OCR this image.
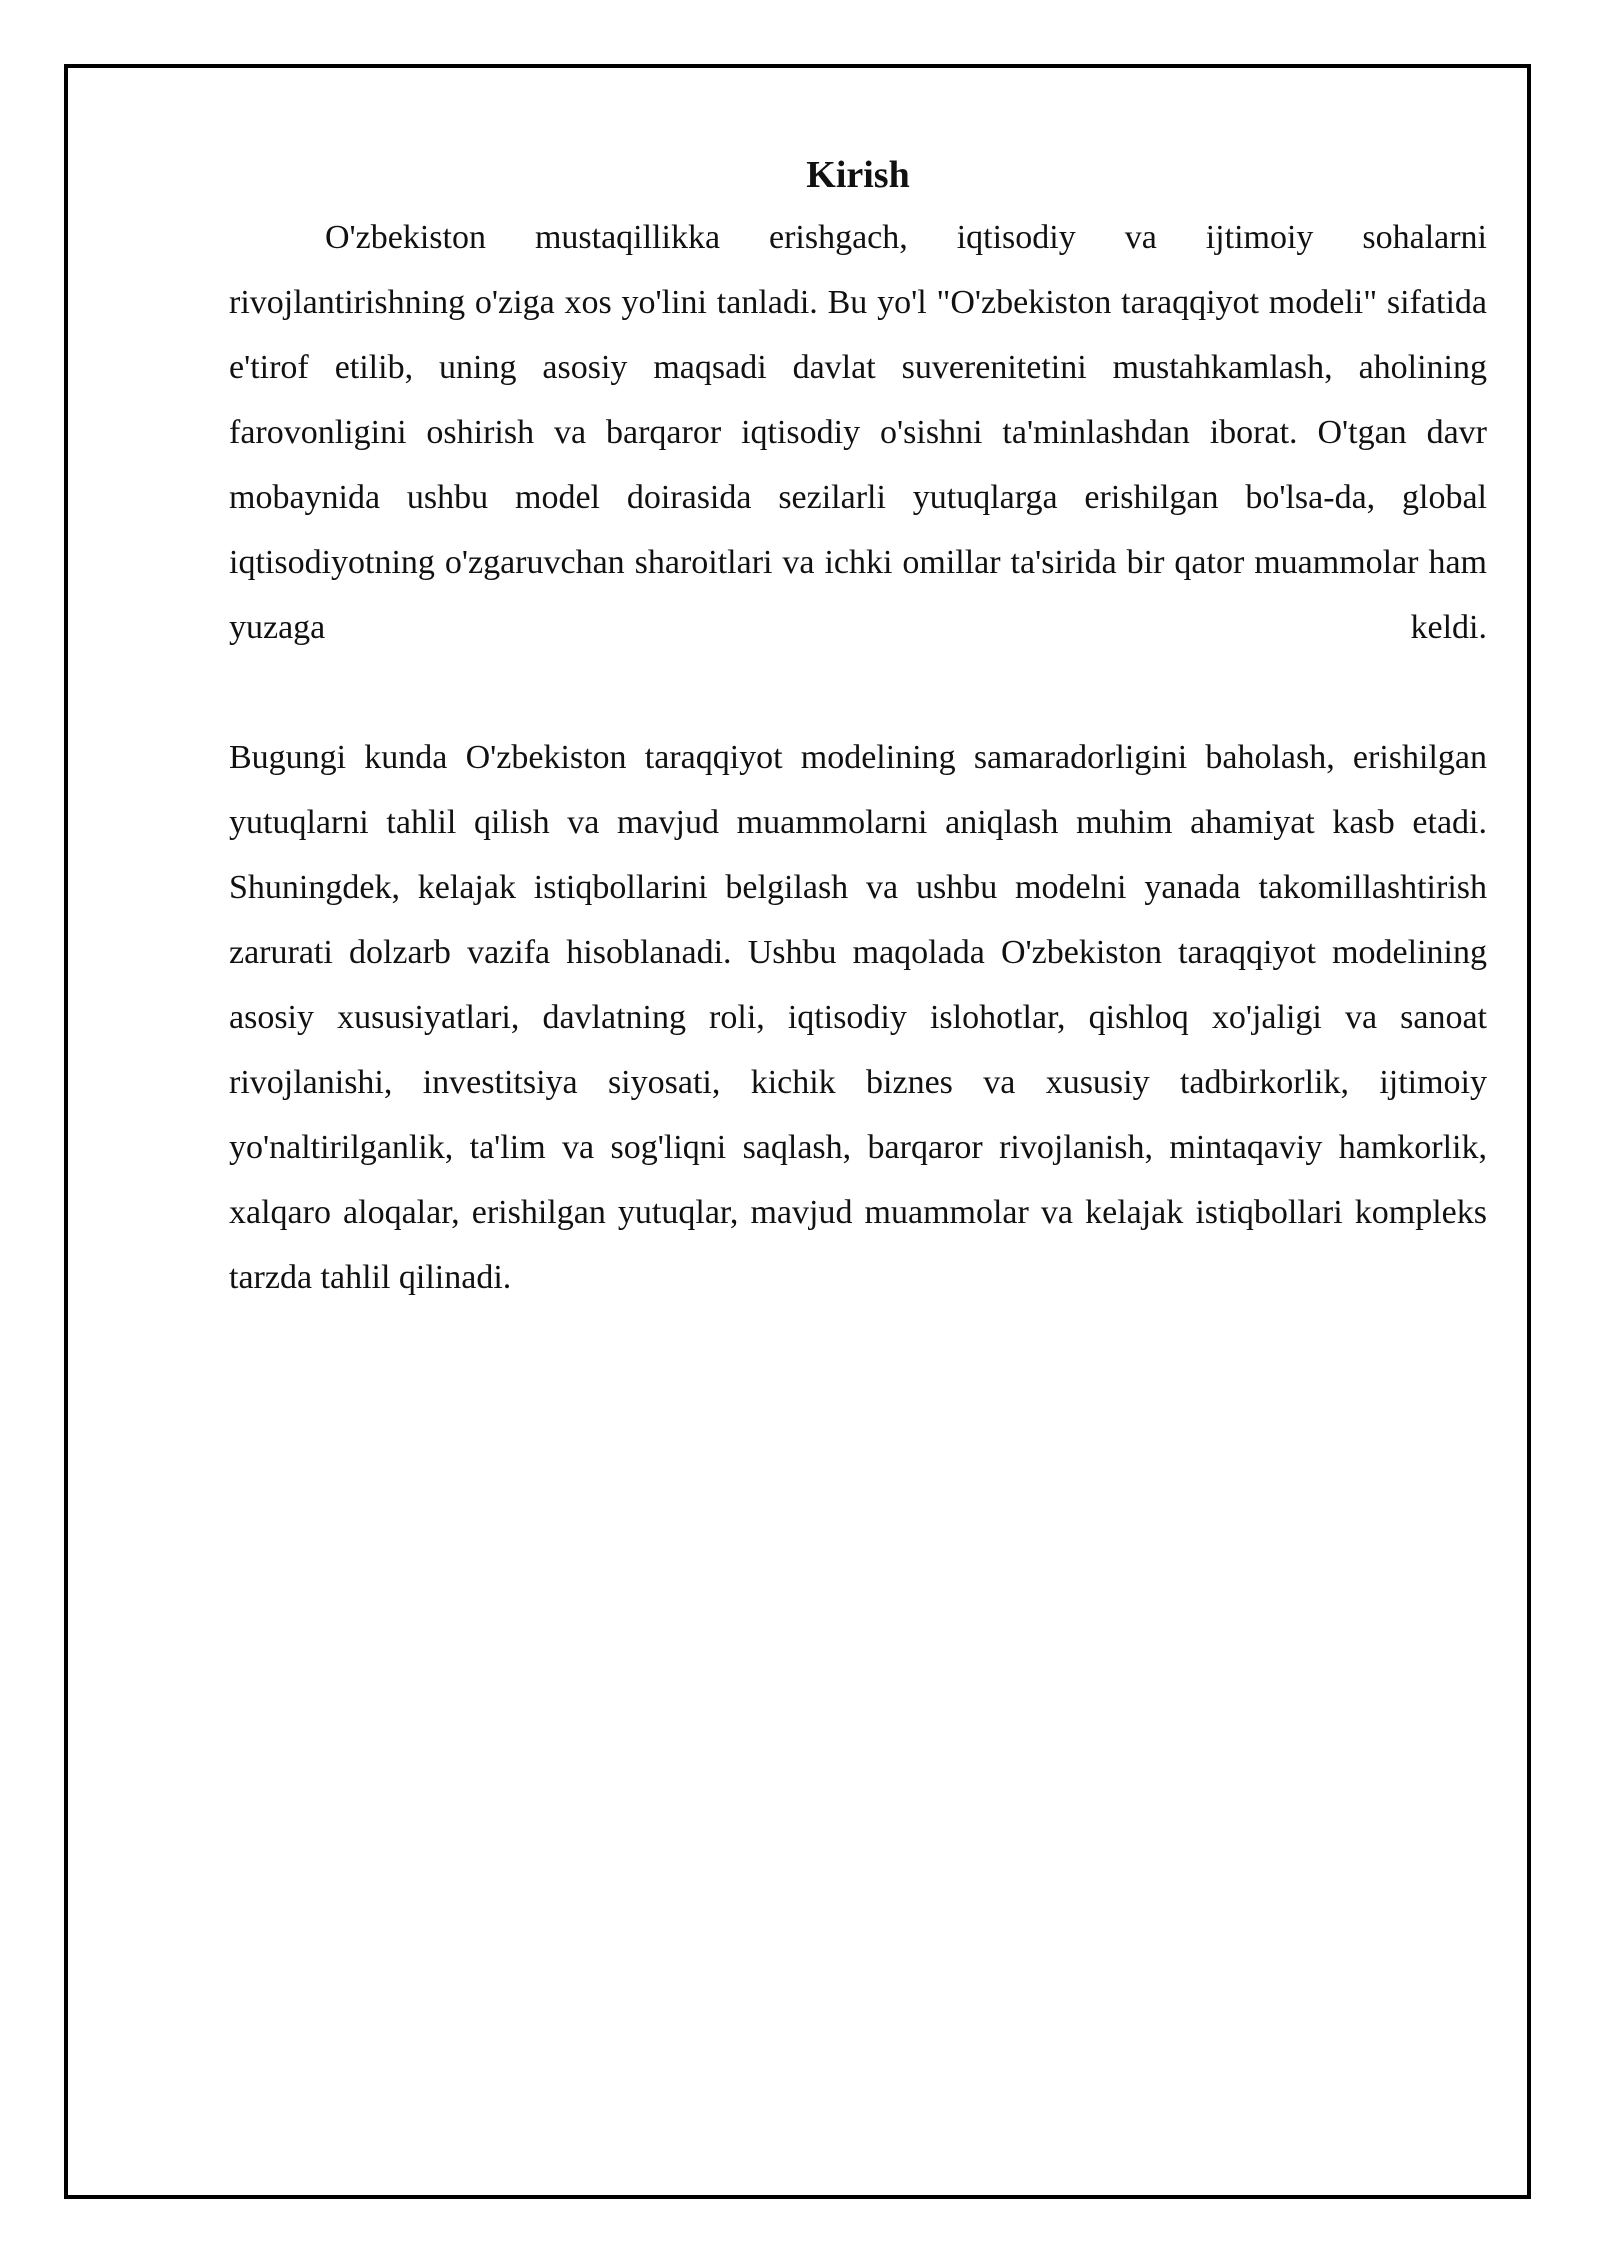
Kirish

O'zbekiston mustaqillikka erishgach, iqtisodiy va ijtimoiy sohalarni rivojlantirishning o'ziga xos yo'lini tanladi. Bu yo'l "O'zbekiston taraqqiyot modeli" sifatida e'tirof etilib, uning asosiy maqsadi davlat suverenitetini mustahkamlash, aholining farovonligini oshirish va barqaror iqtisodiy o'sishni ta'minlashdan iborat. O'tgan davr mobaynida ushbu model doirasida sezilarli yutuqlarga erishilgan bo'lsa-da, global iqtisodiyotning o'zgaruvchan sharoitlari va ichki omillar ta'sirida bir qator muammolar ham yuzaga keldi.

Bugungi kunda O'zbekiston taraqqiyot modelining samaradorligini baholash, erishilgan yutuqlarni tahlil qilish va mavjud muammolarni aniqlash muhim ahamiyat kasb etadi. Shuningdek, kelajak istiqbollarini belgilash va ushbu modelni yanada takomillashtirish zarurati dolzarb vazifa hisoblanadi. Ushbu maqolada O'zbekiston taraqqiyot modelining asosiy xususiyatlari, davlatning roli, iqtisodiy islohotlar, qishloq xo'jaligi va sanoat rivojlanishi, investitsiya siyosati, kichik biznes va xususiy tadbirkorlik, ijtimoiy yo'naltirilganlik, ta'lim va sog'liqni saqlash, barqaror rivojlanish, mintaqaviy hamkorlik, xalqaro aloqalar, erishilgan yutuqlar, mavjud muammolar va kelajak istiqbollari kompleks tarzda tahlil qilinadi.
